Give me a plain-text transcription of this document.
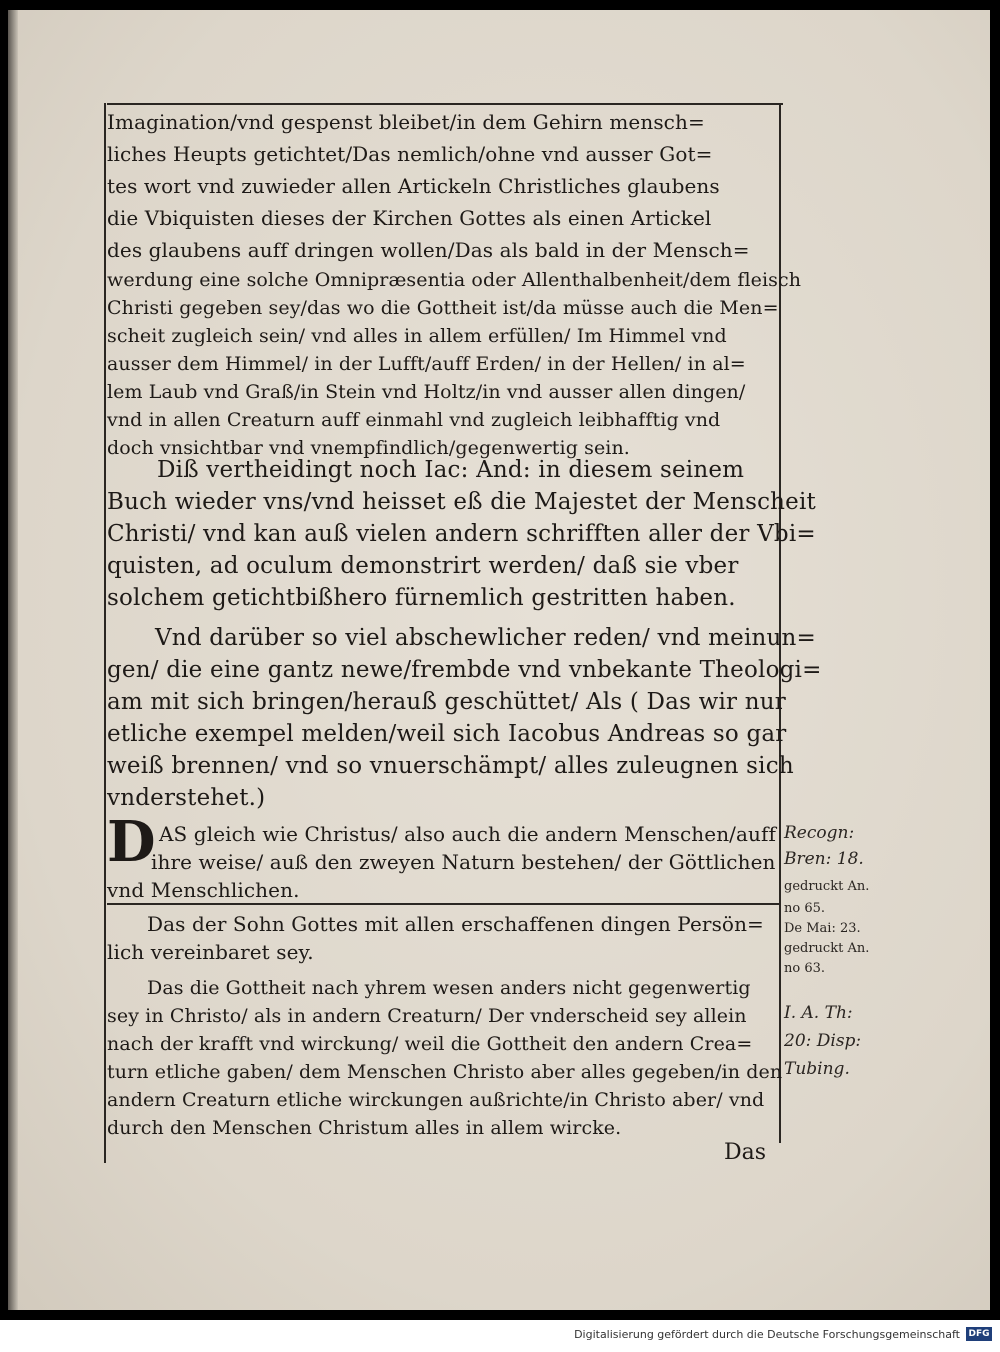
Imagination/vnd gespenst bleibet/in dem Gehirn mensch=
liches Heupts getichtet/Das nemlich/ohne vnd ausser Got=
tes wort vnd zuwieder allen Artickeln Christliches glaubens
die Vbiquisten dieses der Kirchen Gottes als einen Artickel
des glaubens auff dringen wollen/Das als bald in der Mensch=
werdung eine solche Omnipræsentia oder Allenthalbenheit/dem fleisch
Christi gegeben sey/das wo die Gottheit ist/da müsse auch die Men=
scheit zugleich sein/ vnd alles in allem erfüllen/ Im Himmel vnd
ausser dem Himmel/ in der Lufft/auff Erden/ in der Hellen/ in al=
lem Laub vnd Graß/in Stein vnd Holtz/in vnd ausser allen dingen/
vnd in allen Creaturn auff einmahl vnd zugleich leibhafftig vnd
doch vnsichtbar vnd vnempfindlich/gegenwertig sein.
Diß vertheidingt noch Iac: And: in diesem seinem
Buch wieder vns/vnd heisset eß die Majestet der Menscheit
Christi/ vnd kan auß vielen andern schrifften aller der Vbi=
quisten, ad oculum demonstrirt werden/ daß sie vber
solchem getichtbißhero fürnemlich gestritten haben.
Vnd darüber so viel abschewlicher reden/ vnd meinun=
gen/ die eine gantz newe/frembde vnd vnbekante Theologi=
am mit sich bringen/herauß geschüttet/ Als ( Das wir nur
etliche exempel melden/weil sich Iacobus Andreas so gar
weiß brennen/ vnd so vnuerschämpt/ alles zuleugnen sich
vnderstehet.)
AS gleich wie Christus/ also auch die andern Menschen/auff
ihre weise/ auß den zweyen Naturn bestehen/ der Göttlichen
vnd Menschlichen.
Das der Sohn Gottes mit allen erschaffenen dingen Persön=
lich vereinbaret sey.
Das die Gottheit nach yhrem wesen anders nicht gegenwertig
sey in Christo/ als in andern Creaturn/ Der vnderscheid sey allein
nach der krafft vnd wirckung/ weil die Gottheit den andern Crea=
turn etliche gaben/ dem Menschen Christo aber alles gegeben/in den
andern Creaturn etliche wirckungen außrichte/in Christo aber/ vnd
durch den Menschen Christum alles in allem wircke.
D	Recogn:
Bren: 18.
gedruckt An.
no 65.
De Mai: 23.
gedruckt An.
no 63.
I. A. Th:
20: Disp:
Tubing.
Das
Digitalisierung gefördert durch die Deutsche Forschungsgemeinschaft DFG
